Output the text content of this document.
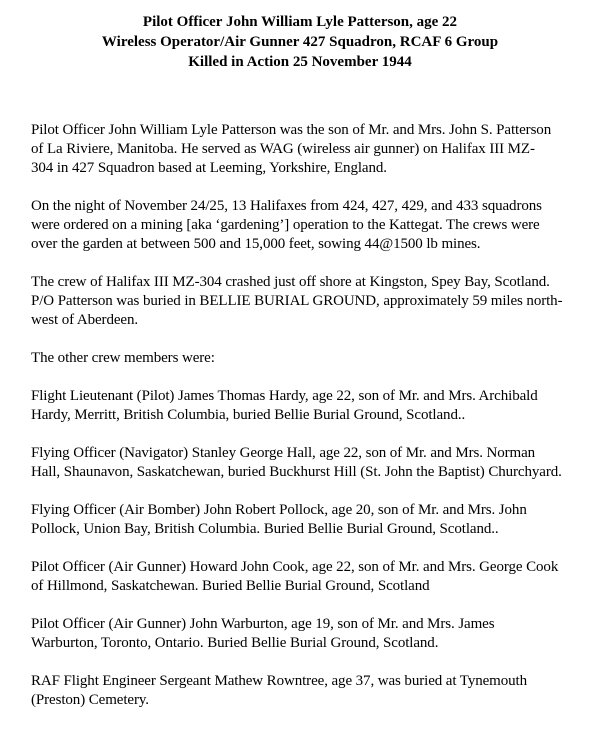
Pilot Officer John William Lyle Patterson, age 22
Wireless Operator/Air Gunner 427 Squadron, RCAF 6 Group
Killed in Action 25 November 1944

Pilot Officer John William Lyle Patterson was the son of Mr. and Mrs. John S. Patterson
of La Riviere, Manitoba. He served as WAG (wireless air gunner) on Halifax III MZ-
304 in 427 Squadron based at Leeming, Yorkshire, England.

On the night of November 24/25, 13 Halifaxes from 424, 427, 429, and 433 squadrons
were ordered on a mining [aka ‘gardening’] operation to the Kattegat. The crews were
over the garden at between 500 and 15,000 feet, sowing 44@1500 lb mines.

The crew of Halifax III MZ-304 crashed just off shore at Kingston, Spey Bay, Scotland.
P/O Patterson was buried in BELLIE BURIAL GROUND, approximately 59 miles north-
west of Aberdeen.

The other crew members were:

Flight Lieutenant (Pilot) James Thomas Hardy, age 22, son of Mr. and Mrs. Archibald
Hardy, Merritt, British Columbia, buried Bellie Burial Ground, Scotland..

Flying Officer (Navigator) Stanley George Hall, age 22, son of Mr. and Mrs. Norman
Hall, Shaunavon, Saskatchewan, buried Buckhurst Hill (St. John the Baptist) Churchyard.

Flying Officer (Air Bomber) John Robert Pollock, age 20, son of Mr. and Mrs. John
Pollock, Union Bay, British Columbia. Buried Bellie Burial Ground, Scotland..

Pilot Officer (Air Gunner) Howard John Cook, age 22, son of Mr. and Mrs. George Cook
of Hillmond, Saskatchewan. Buried Bellie Burial Ground, Scotland

Pilot Officer (Air Gunner) John Warburton, age 19, son of Mr. and Mrs. James
Warburton, Toronto, Ontario. Buried Bellie Burial Ground, Scotland.

RAF Flight Engineer Sergeant Mathew Rowntree, age 37, was buried at Tynemouth
(Preston) Cemetery.
